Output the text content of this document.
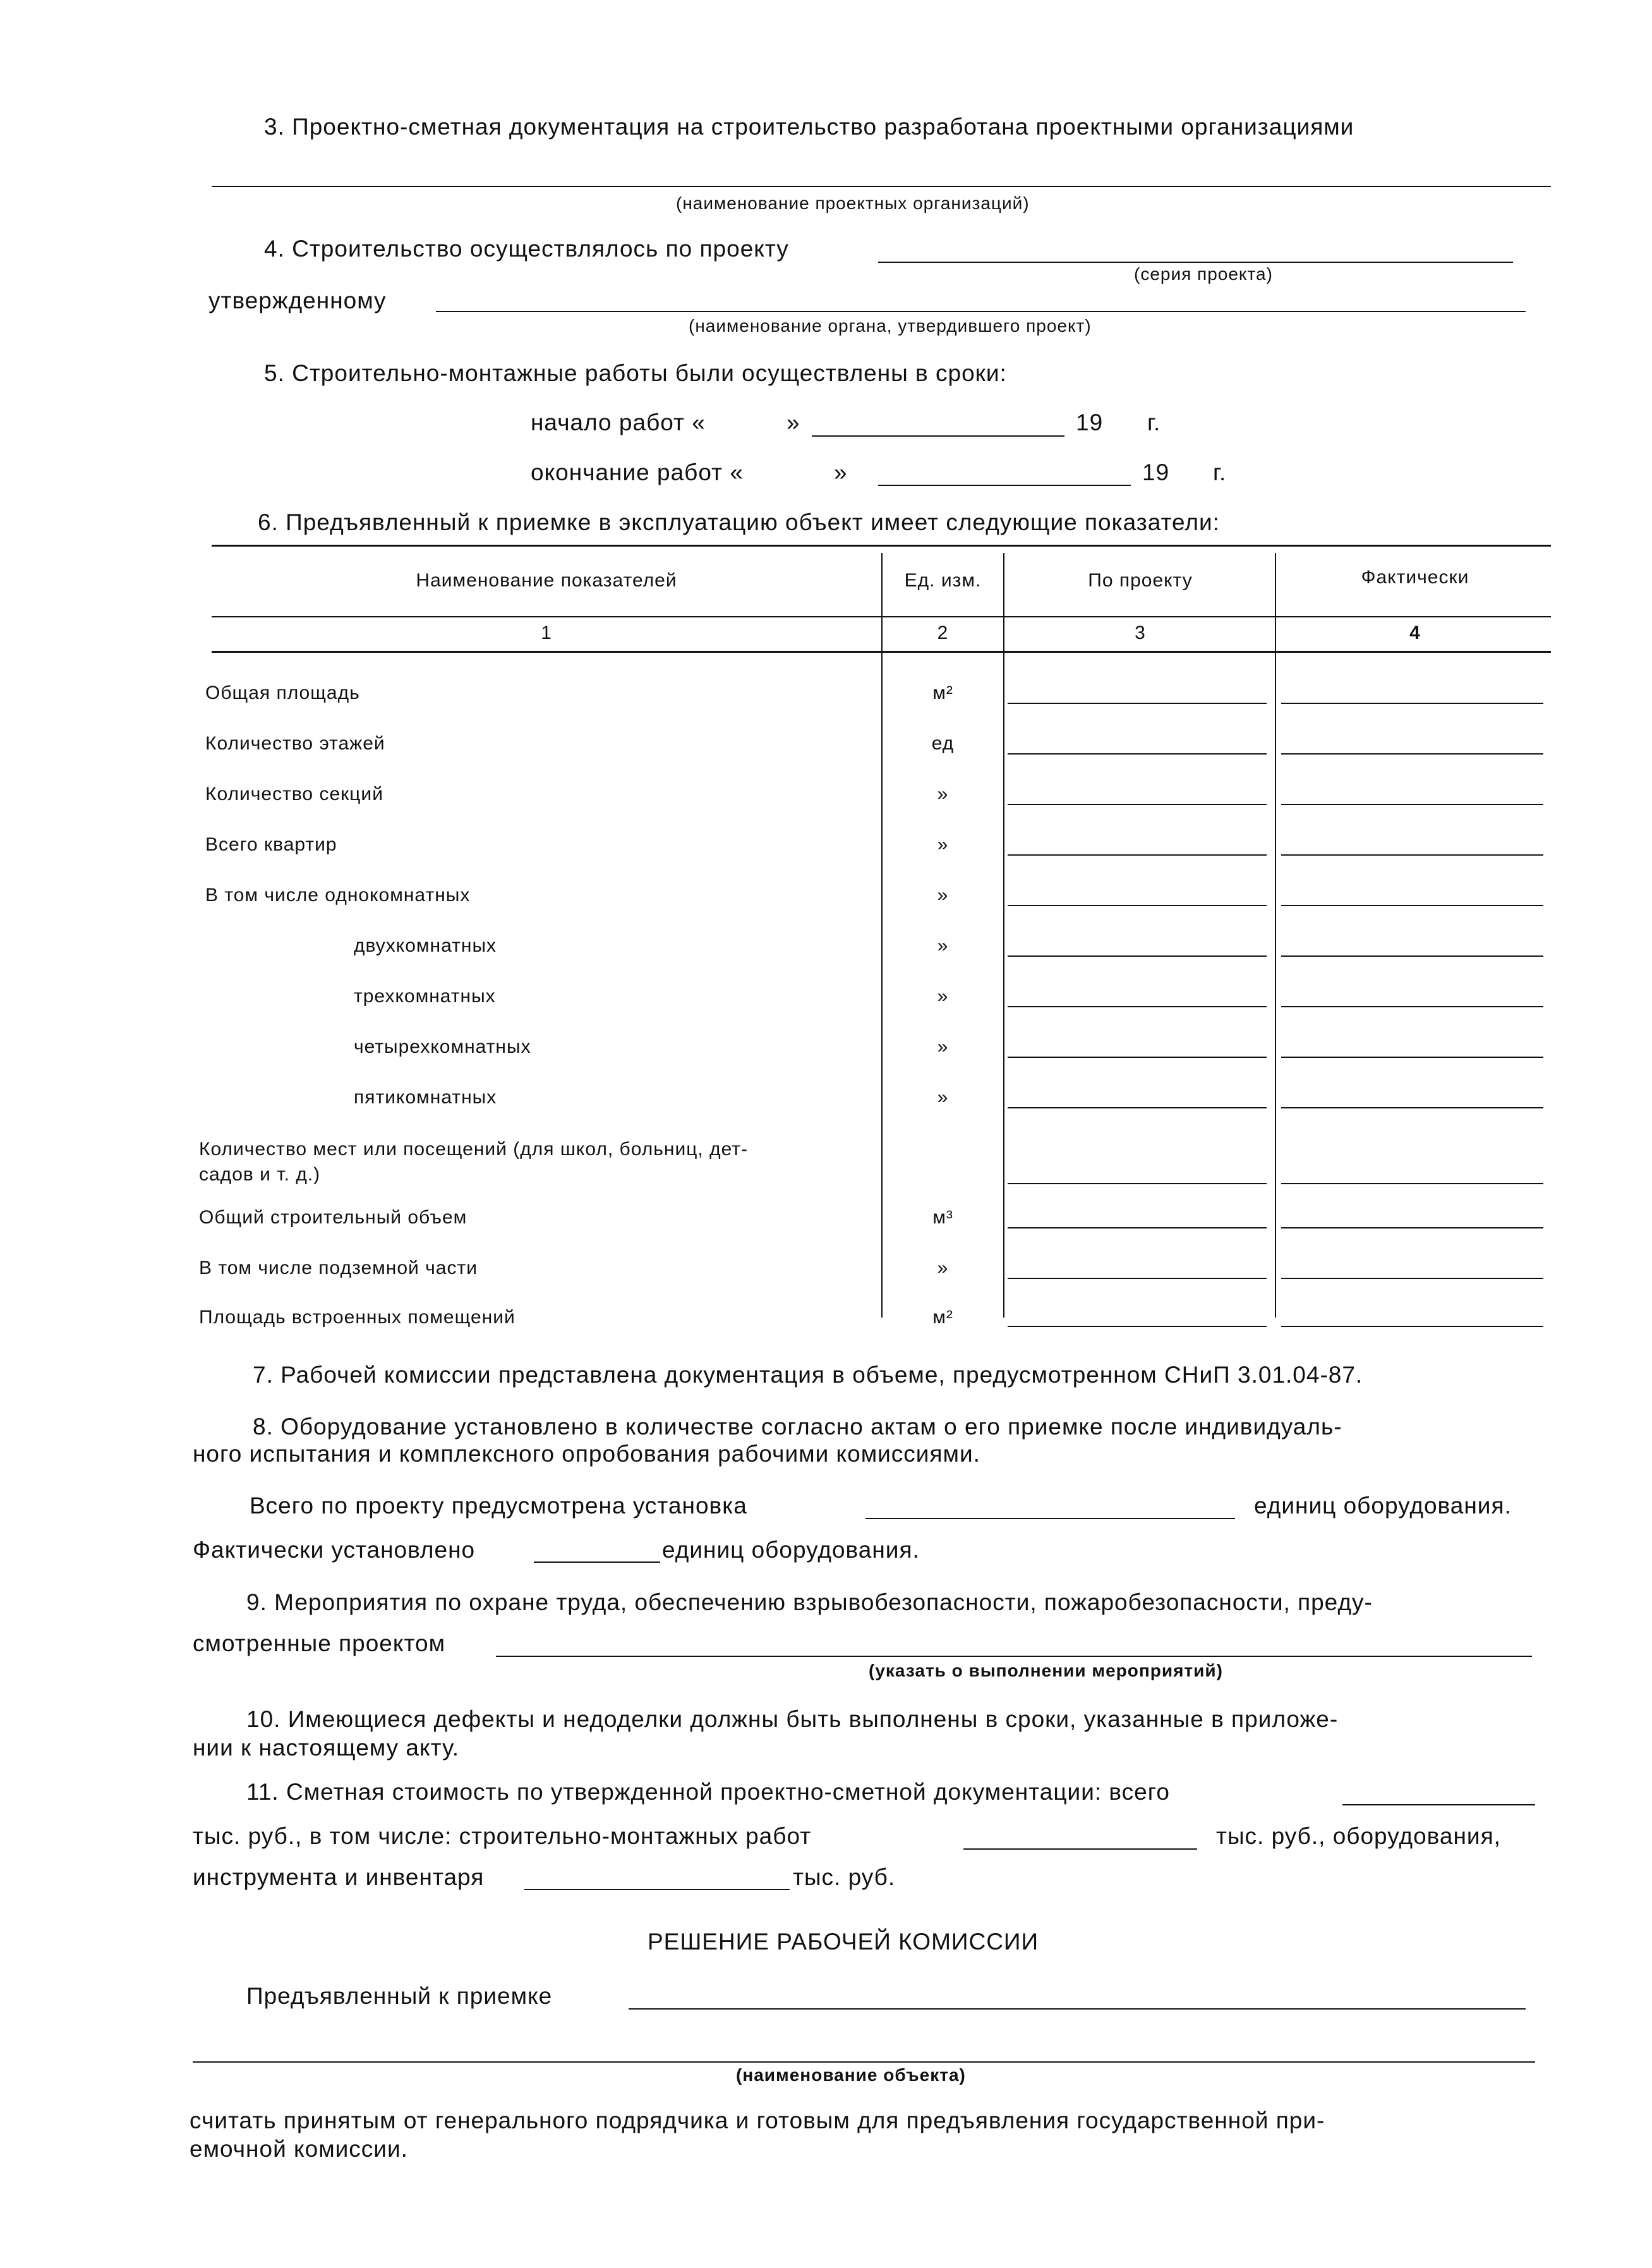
3. Проектно-сметная документация на строительство разработана проектными организациями
(наименование проектных организаций)
4. Строительство осуществлялось по проекту
(серия проекта)
утвержденному
(наименование органа, утвердившего проект)
5. Строительно-монтажные работы были осуществлены в сроки:
начало работ «	»	19 г.
окончание работ «	»	19 г.
6. Предъявленный к приемке в эксплуатацию объект имеет следующие показатели:
Наименование показателей	Ед. изм.	По проекту	Фактически
1	2	3	4
Общая площадь	м²
Количество этажей	ед
Количество секций	»
Всего квартир	»
В том числе однокомнатных	»
двухкомнатных	»
трехкомнатных	»
четырехкомнатных	»
пятикомнатных	»
Количество мест или посещений (для школ, больниц, дет-
садов и т. д.)
Общий строительный объем	м³
В том числе подземной части	»
Площадь встроенных помещений	м²
7. Рабочей комиссии представлена документация в объеме, предусмотренном СНиП 3.01.04-87.
8. Оборудование установлено в количестве согласно актам о его приемке после индивидуаль-
ного испытания и комплексного опробования рабочими комиссиями.
Всего по проекту предусмотрена установка	единиц оборудования.
Фактически установлено	единиц оборудования.
9. Мероприятия по охране труда, обеспечению взрывобезопасности, пожаробезопасности, преду-
смотренные проектом
(указать о выполнении мероприятий)
10. Имеющиеся дефекты и недоделки должны быть выполнены в сроки, указанные в приложе-
нии к настоящему акту.
11. Сметная стоимость по утвержденной проектно-сметной документации: всего
тыс. руб., в том числе: строительно-монтажных работ	тыс. руб., оборудования,
инструмента и инвентаря	тыс. руб.
РЕШЕНИЕ РАБОЧЕЙ КОМИССИИ
Предъявленный к приемке
(наименование объекта)
считать принятым от генерального подрядчика и готовым для предъявления государственной при-
емочной комиссии.
